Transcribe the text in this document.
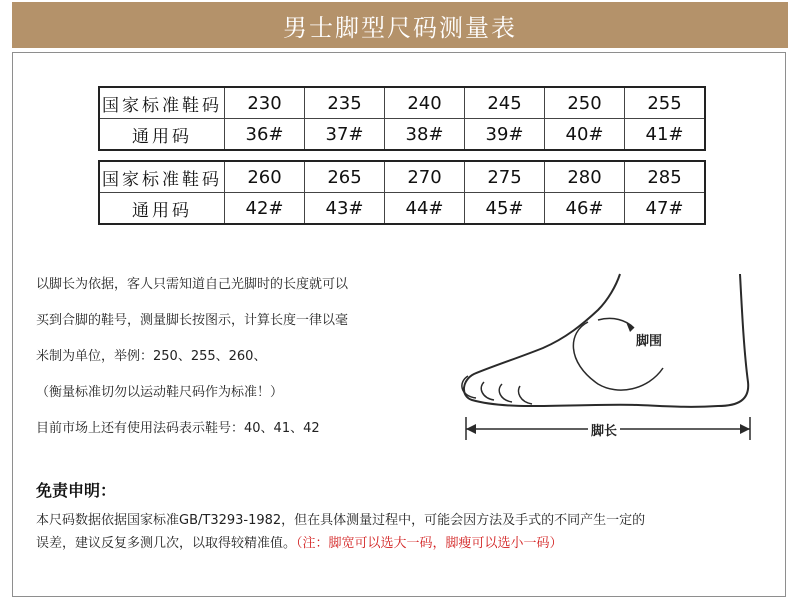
男士脚型尺码测量表
国家标准鞋码	230	235	240	245	250	255
通用码	36#	37#	38#	39#	40#	41#
国家标准鞋码	260	265	270	275	280	285
通用码	42#	43#	44#	45#	46#	47#
以脚长为依据，客人只需知道自己光脚时的长度就可以
买到合脚的鞋号，测量脚长按图示，计算长度一律以毫
米制为单位，举例：250、255、260、
（衡量标准切勿以运动鞋尺码作为标准！）
目前市场上还有使用法码表示鞋号：40、41、42
脚围
脚长
免责申明：
本尺码数据依据国家标准GB/T3293-1982，但在具体测量过程中，可能会因方法及手式的不同产生一定的
误差，建议反复多测几次，以取得较精准值。（注：脚宽可以选大一码，脚瘦可以选小一码）
